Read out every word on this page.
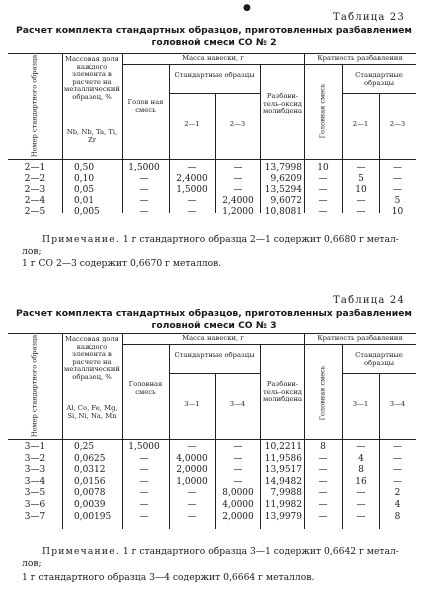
●
Таблица 23
Расчет комплекта стандартных образцов, приготовленных разбавлением
головной смеси СО № 2
Номер стандартного образца	Массовая доля каждого элемента в расчете на металлический образец, %
Nb, Nb, Ta, Ti, Zr
Масса навески, г
Голов ная смесь
Стандартные образцы
2—1	2—3
Разбавитель-оксид молибдена
Кратность разбавления
Головная смесь
Стандартные образцы
2—1	2—3
2—1	0,50	1,5000	—	—	13,7998	10	—	—
2—2	0,10	—	2,4000	—	9,6209	—	5	—
2—3	0,05	—	1,5000	—	13,5294	—	10	—
2—4	0,01	—	—	2,4000	9,6072	—	—	5
2—5	0,005	—	—	1,2000	10,8081	—	—	10
Примечание. 1 г стандартного образца 2—1 содержит 0,6680 г метал-
лов;
1 г СО 2—3 содержит 0,6670 г металлов.
Таблица 24
Расчет комплекта стандартных образцов, приготовленных разбавлением
головной смеси СО № 3
Номер стандартного образца	Массовая доля каждого элемента в расчете на металлический образец, %
Al, Co, Fe, Mg, Si, Ni, Na, Mn
Масса навески, г
Головная смесь
Стандартные образцы
3—1	3—4
Разбавитель-оксид молибдена
Кратность разбавления
Головная смесь
Стандартные образцы
3—1	3—4
3—1	0,25	1,5000	—	—	10,2211	8	—	—
3—2	0,0625	—	4,0000	—	11,9586	—	4	—
3—3	0,0312	—	2,0000	—	13,9517	—	8	—
3—4	0,0156	—	1,0000	—	14,9482	—	16	—
3—5	0,0078	—	—	8,0000	7,9988	—	—	2
3—6	0,0039	—	—	4,0000	11,9982	—	—	4
3—7	0,00195	—	—	2,0000	13,9979	—	—	8
Примечание. 1 г стандартного образца 3—1 содержит 0,6642 г метал-
лов;
1 г стандартного образца 3—4 содержит 0,6664 г металлов.
